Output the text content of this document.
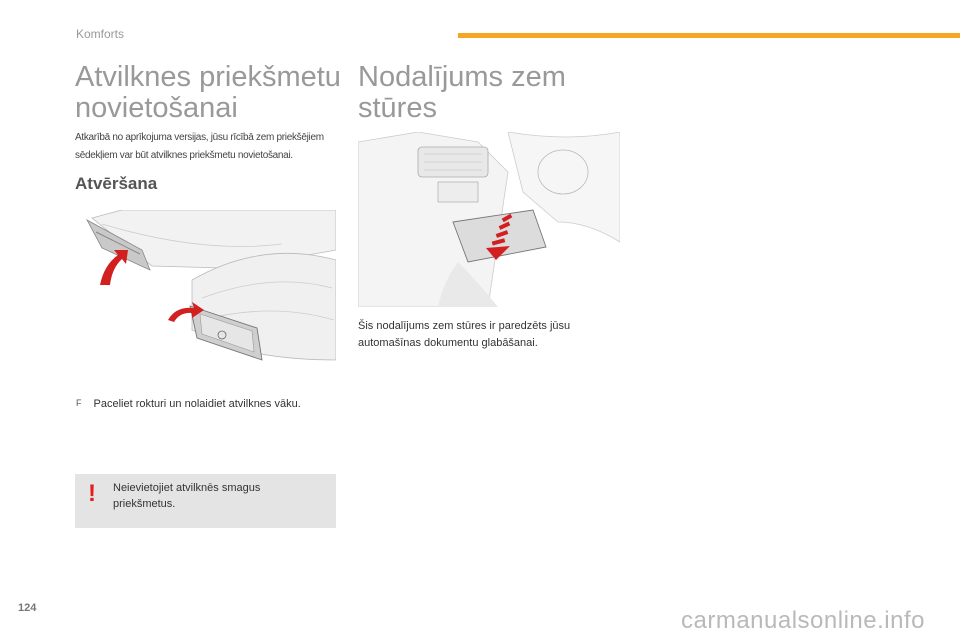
Komforts
Atvilknes priekšmetu novietošanai
Atkarībā no aprīkojuma versijas, jūsu rīcībā zem priekšējiem sēdekļiem var būt atvilknes priekšmetu novietošanai.
Atvēršana
F Paceliet rokturi un nolaidiet atvilknes vāku.
! Neievietojiet atvilknēs smagus priekšmetus.
Nodalījums zem stūres
Šis nodalījums zem stūres ir paredzēts jūsu automašīnas dokumentu glabāšanai.
124	carmanualsonline.info
